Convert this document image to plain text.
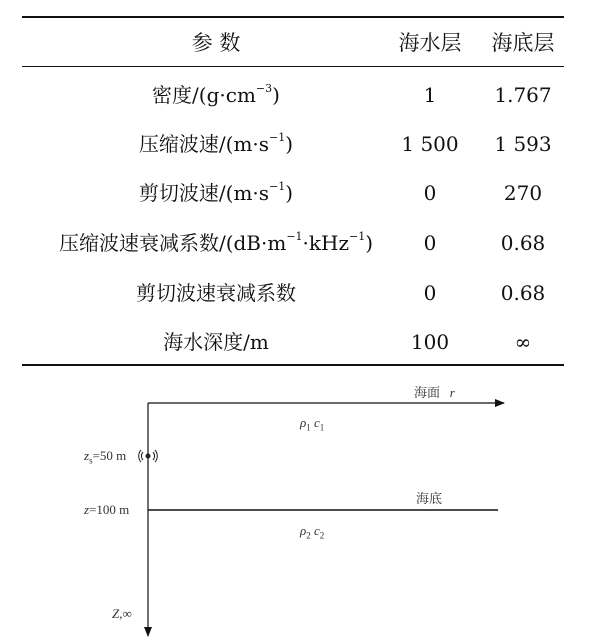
参 数	海水层	海底层
密度$/(g\cdot cm^{-3})$	1	1.767
压缩波速$/(m\cdot s^{-1})$	1 500	1 593
剪切波速$/(m\cdot s^{-1})$	0	270
压缩波速衰减系数$/(dB\cdot m^{-1}\cdot kHz^{-1})$	0	0.68
剪切波速衰减系数	0	0.68
海水深度/m	100	∞
海面 r
$\rho_1$ $c_1$
$z_s=50$ m
海底
z=100 m
$\rho_2$ $c_2$
Z,∞
